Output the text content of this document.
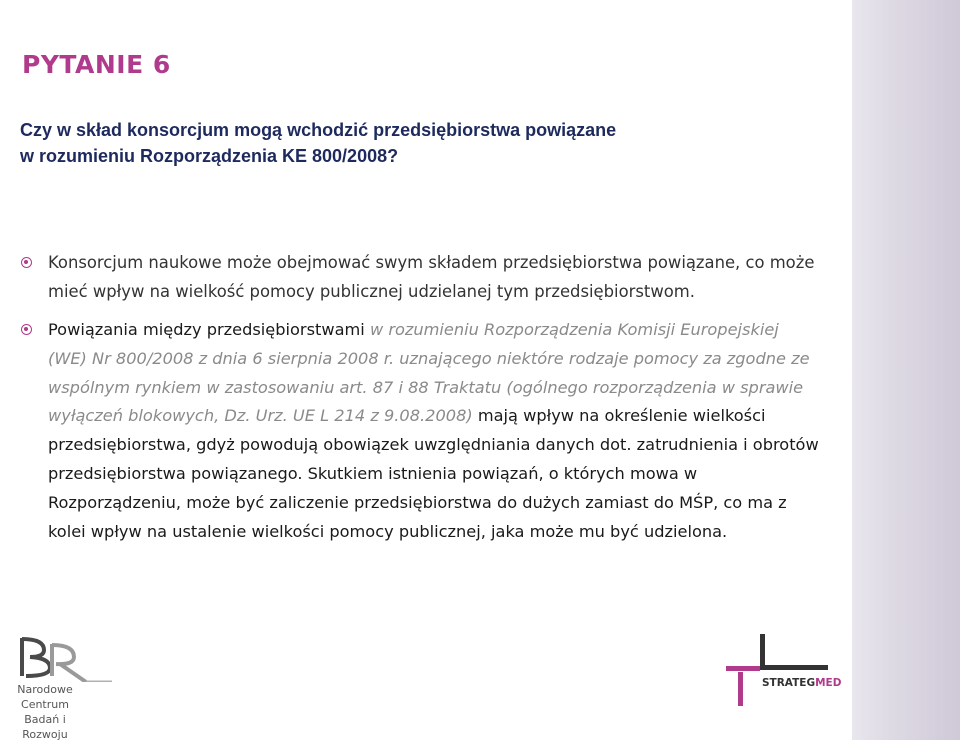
PYTANIE 6
Czy w skład konsorcjum mogą wchodzić przedsiębiorstwa powiązane
w rozumieniu Rozporządzenia KE 800/2008?
Konsorcjum naukowe może obejmować swym składem przedsiębiorstwa powiązane, co może mieć wpływ na wielkość pomocy publicznej udzielanej tym przedsiębiorstwom.
Powiązania między przedsiębiorstwami w rozumieniu Rozporządzenia Komisji Europejskiej (WE) Nr 800/2008 z dnia 6 sierpnia 2008 r. uznającego niektóre rodzaje pomocy za zgodne ze wspólnym rynkiem w zastosowaniu art. 87 i 88 Traktatu (ogólnego rozporządzenia w sprawie wyłączeń blokowych, Dz. Urz. UE L 214 z 9.08.2008) mają wpływ na określenie wielkości przedsiębiorstwa, gdyż powodują obowiązek uwzględniania danych dot. zatrudnienia i obrotów przedsiębiorstwa powiązanego. Skutkiem istnienia powiązań, o których mowa w Rozporządzeniu, może być zaliczenie przedsiębiorstwa do dużych zamiast do MŚP, co ma z kolei wpływ na ustalenie wielkości pomocy publicznej, jaka może mu być udzielona.
Narodowe Centrum
Badań i Rozwoju
STRATEGMED
